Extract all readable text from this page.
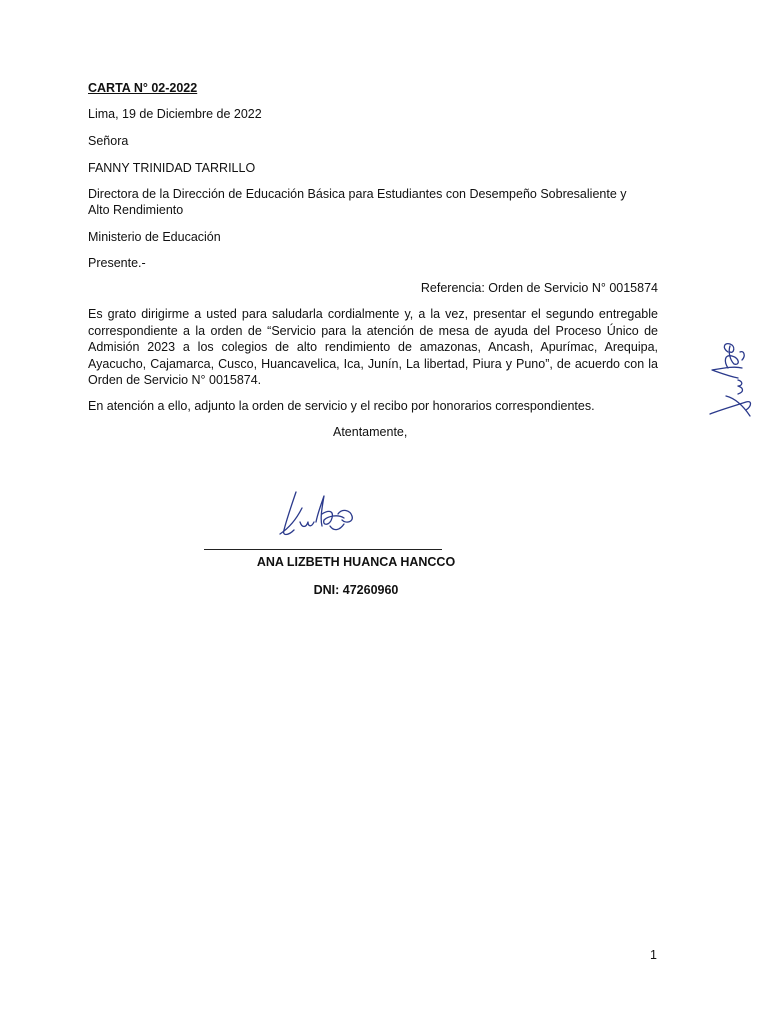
CARTA N° 02-2022
Lima, 19 de Diciembre de 2022
Señora
FANNY TRINIDAD TARRILLO
Directora de la Dirección de Educación Básica para Estudiantes con Desempeño Sobresaliente y
Alto Rendimiento
Ministerio de Educación
Presente.-
Referencia: Orden de Servicio N° 0015874
Es grato dirigirme a usted para saludarla cordialmente y, a la vez, presentar el segundo entregable correspondiente a la orden de “Servicio para la atención de mesa de ayuda del Proceso Único de Admisión 2023 a los colegios de alto rendimiento de amazonas, Ancash, Apurímac, Arequipa, Ayacucho, Cajamarca, Cusco, Huancavelica, Ica, Junín, La libertad, Piura y Puno”, de acuerdo con la Orden de Servicio N° 0015874.
En atención a ello, adjunto la orden de servicio y el recibo por honorarios correspondientes.
Atentamente,
ANA LIZBETH HUANCA HANCCO
DNI: 47260960
1
